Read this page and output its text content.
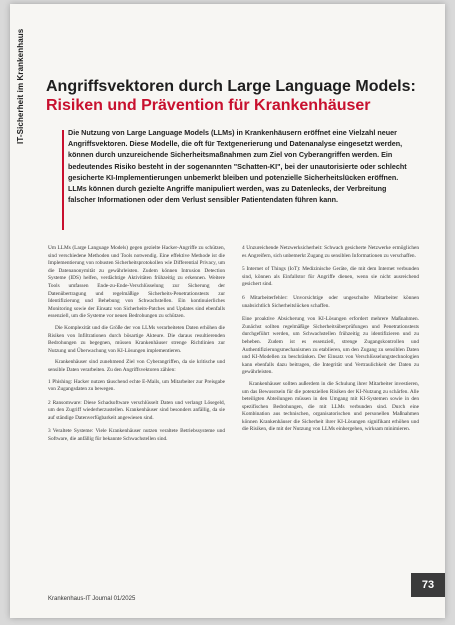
IT-Sicherheit im Krankenhaus Angriffsvektoren durch Large Language Models:
Risiken und Prävention für Krankenhäuser

Die Nutzung von Large Language Models (LLMs) in Krankenhäusern eröffnet eine Vielzahl neuer Angriffsvektoren. Diese Modelle, die oft für Textgenerierung und Datenanalyse eingesetzt werden, können durch unzureichende Sicherheitsmaßnahmen zum Ziel von Cyberangriffen werden. Ein bedeutendes Risiko besteht in der sogenannten "Schatten-KI", bei der unautorisierte oder schlecht gesicherte KI-Implementierungen unbemerkt bleiben und potenzielle Sicherheitslücken eröffnen. LLMs können durch gezielte Angriffe manipuliert werden, was zu Datenlecks, der Verbreitung falscher Informationen oder dem Verlust sensibler Patientendaten führen kann.

Um LLMs (Large Language Models) gegen gezielte Hacker-Angriffe zu schützen, sind verschiedene Methoden und Tools notwendig. Eine effektive Methode ist die Implementierung von robusten Sicherheitsprotokollen wie Differential Privacy, um die Datenanonymität zu gewährleisten. Zudem können Intrusion Detection Systeme (IDS) helfen, verdächtige Aktivitäten frühzeitig zu erkennen. Weitere Tools umfassen Ende-zu-Ende-Verschlüsselung zur Sicherung der Datenübertragung und regelmäßige Sicherheits-Penetrationstests zur Identifizierung und Behebung von Schwachstellen. Ein kontinuierliches Monitoring sowie der Einsatz von Sicherheits-Patches und Updates sind ebenfalls essenziell, um die Systeme vor neuen Bedrohungen zu schützen.

Die Komplexität und die Größe der von LLMs verarbeiteten Daten erhöhen die Risiken von Infiltrationen durch bösartige Akteure. Die daraus resultierenden Bedrohungen zu begegnen, müssen Krankenhäuser strenge Richtlinien zur Nutzung und Überwachung von KI-Lösungen implementieren.

Krankenhäuser sind zunehmend Ziel von Cyberangriffen, da sie kritische und sensible Daten verarbeiten. Zu den Angriffsvektoren zählen:

1 Phishing: Hacker nutzen täuschend echte E-Mails, um Mitarbeiter zur Preisgabe von Zugangsdaten zu bewegen.

2 Ransomware: Diese Schadsoftware verschlüsselt Daten und verlangt Lösegeld, um den Zugriff wiederherzustellen. Krankenhäuser sind besonders anfällig, da sie auf ständige Datenverfügbarkeit angewiesen sind.

3 Veraltete Systeme: Viele Krankenhäuser nutzen veraltete Betriebssysteme und Software, die anfällig für bekannte Schwachstellen sind.

4 Unzureichende Netzwerksicherheit: Schwach gesicherte Netzwerke ermöglichen es Angreifern, sich unbemerkt Zugang zu sensiblen Informationen zu verschaffen.

5 Internet of Things (IoT): Medizinische Geräte, die mit dem Internet verbunden sind, können als Einfallstor für Angriffe dienen, wenn sie nicht ausreichend gesichert sind.

6 Mitarbeiterfehler: Unvorsichtige oder ungeschulte Mitarbeiter können unabsichtlich Sicherheitslücken schaffen.

Eine proaktive Absicherung von KI-Lösungen erfordert mehrere Maßnahmen. Zunächst sollten regelmäßige Sicherheitsüberprüfungen und Penetrationstests durchgeführt werden, um Schwachstellen frühzeitig zu identifizieren und zu beheben. Zudem ist es essenziell, strenge Zugangskontrollen und Authentifizierungsmechanismen zu etablieren, um den Zugang zu sensiblen Daten und KI-Modellen zu beschränken. Der Einsatz von Verschlüsselungstechnologien kann ebenfalls dazu beitragen, die Integrität und Vertraulichkeit der Daten zu gewährleisten.

Krankenhäuser sollten außerdem in die Schulung ihrer Mitarbeiter investieren, um das Bewusstsein für die potenziellen Risiken der KI-Nutzung zu schärfen. Alle beteiligten Abteilungen müssen in den Umgang mit KI-Systemen sowie in den spezifischen Bedrohungen, die mit LLMs verbunden sind. Durch eine Kombination aus technischen, organisatorischen und personellen Maßnahmen können Krankenhäuser die Sicherheit ihrer KI-Lösungen signifikant erhöhen und die Risiken, die mit der Nutzung von LLMs einhergehen, wirksam minimieren.

Krankenhaus-IT Journal 01/2025
73
